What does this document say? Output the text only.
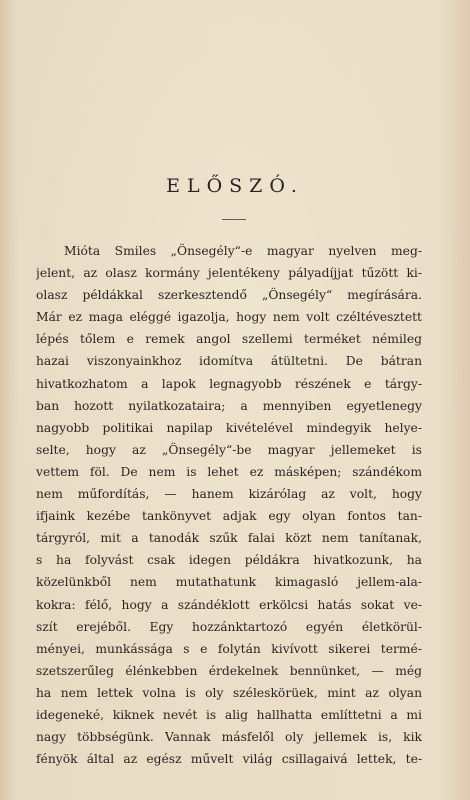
ELŐSZÓ.
Mióta Smiles „Önsegély“-e magyar nyelven meg-
jelent, az olasz kormány jelentékeny pályadíjjat tűzött ki-
olasz példákkal szerkesztendő „Önsegély“ megírására.
Már ez maga eléggé igazolja, hogy nem volt czéltévesztett
lépés tőlem e remek angol szellemi terméket némileg
hazai viszonyainkhoz idomítva átültetni. De bátran
hivatkozhatom a lapok legnagyobb részének e tárgy-
ban hozott nyilatkozataira; a mennyiben egyetlenegy
nagyobb politikai napilap kivételével mindegyik helye-
selte, hogy az „Önsegély“-be magyar jellemeket is
vettem föl. De nem is lehet ez másképen; szándékom
nem műfordítás, — hanem kizárólag az volt, hogy
ifjaink kezébe tankönyvet adjak egy olyan fontos tan-
tárgyról, mit a tanodák szűk falai közt nem tanítanak,
s ha folyvást csak idegen példákra hivatkozunk, ha
közelünkből nem mutathatunk kimagasló jellem-ala-
kokra: félő, hogy a szándéklott erkölcsi hatás sokat ve-
szít erejéből. Egy hozzánktartozó egyén életkörül-
ményei, munkássága s e folytán kivívott sikerei termé-
szetszerűleg élénkebben érdekelnek bennünket, — még
ha nem lettek volna is oly széleskörüek, mint az olyan
idegeneké, kiknek nevét is alig hallhatta említtetni a mi
nagy többségünk. Vannak másfelől oly jellemek is, kik
fényök által az egész művelt világ csillagaivá lettek, te-
